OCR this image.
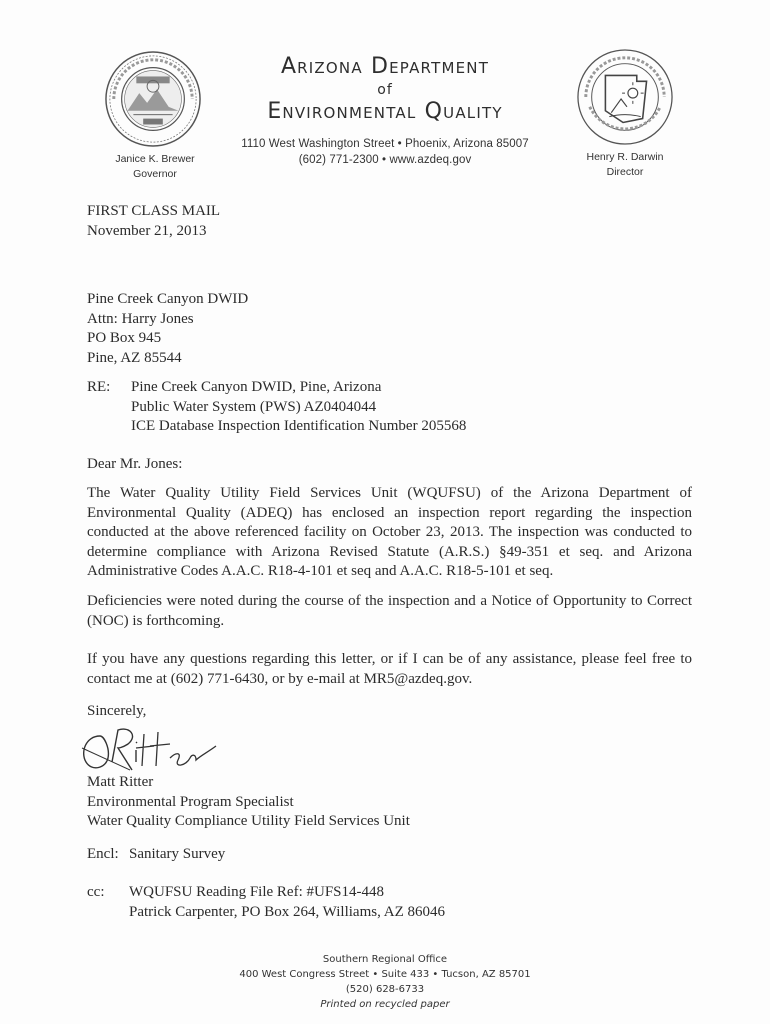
Janice K. Brewer
Governor
Henry R. Darwin
Director
Arizona Department
of
Environmental Quality
1110 West Washington Street • Phoenix, Arizona 85007
(602) 771-2300 • www.azdeq.gov
FIRST CLASS MAIL
November 21, 2013
Pine Creek Canyon DWID
Attn: Harry Jones
PO Box 945
Pine, AZ 85544
RE: Pine Creek Canyon DWID, Pine, Arizona
Public Water System (PWS) AZ0404044
ICE Database Inspection Identification Number 205568
Dear Mr. Jones:
The Water Quality Utility Field Services Unit (WQUFSU) of the Arizona Department of Environmental Quality (ADEQ) has enclosed an inspection report regarding the inspection conducted at the above referenced facility on October 23, 2013. The inspection was conducted to determine compliance with Arizona Revised Statute (A.R.S.) §49-351 et seq. and Arizona Administrative Codes A.A.C. R18-4-101 et seq and A.A.C. R18-5-101 et seq.
Deficiencies were noted during the course of the inspection and a Notice of Opportunity to Correct (NOC) is forthcoming.
If you have any questions regarding this letter, or if I can be of any assistance, please feel free to contact me at (602) 771-6430, or by e-mail at MR5@azdeq.gov.
Sincerely,
Matt Ritter
Environmental Program Specialist
Water Quality Compliance Utility Field Services Unit
Encl: Sanitary Survey
cc: WQUFSU Reading File Ref: #UFS14-448
Patrick Carpenter, PO Box 264, Williams, AZ 86046
Southern Regional Office
400 West Congress Street • Suite 433 • Tucson, AZ 85701
(520) 628-6733
Printed on recycled paper
